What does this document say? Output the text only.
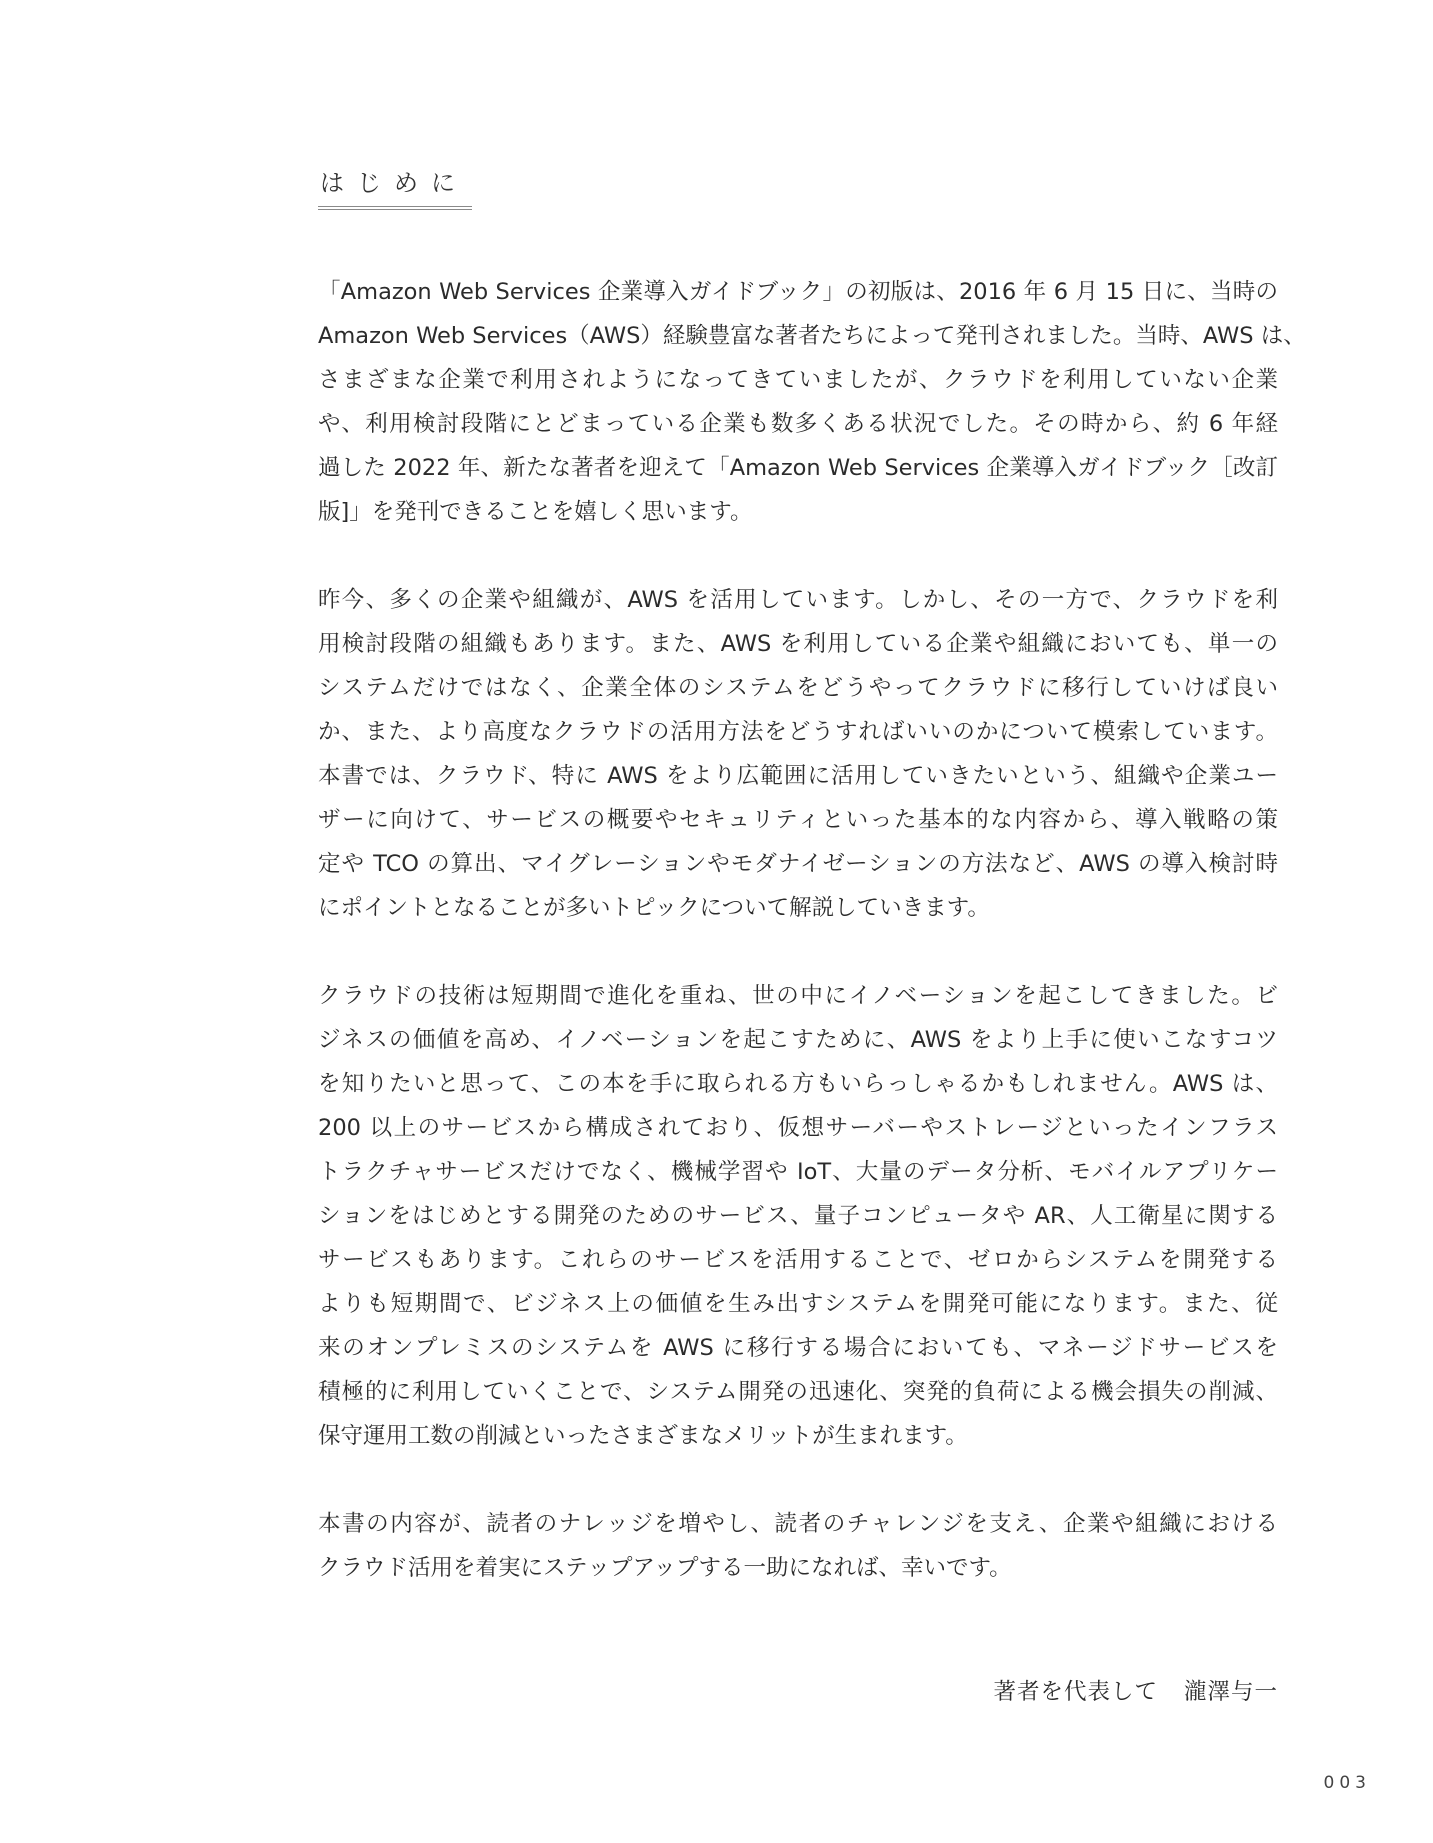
はじめに
「Amazon Web Services 企業導入ガイドブック」の初版は、2016 年 6 月 15 日に、当時の
Amazon Web Services（AWS）経験豊富な著者たちによって発刊されました。当時、AWS は、
さまざまな企業で利用されようになってきていましたが、クラウドを利用していない企業
や、利用検討段階にとどまっている企業も数多くある状況でした。その時から、約 6 年経
過した 2022 年、新たな著者を迎えて「Amazon Web Services 企業導入ガイドブック［改訂
版]」を発刊できることを嬉しく思います。
昨今、多くの企業や組織が、AWS を活用しています。しかし、その一方で、クラウドを利
用検討段階の組織もあります。また、AWS を利用している企業や組織においても、単一の
システムだけではなく、企業全体のシステムをどうやってクラウドに移行していけば良い
か、また、より高度なクラウドの活用方法をどうすればいいのかについて模索しています。
本書では、クラウド、特に AWS をより広範囲に活用していきたいという、組織や企業ユー
ザーに向けて、サービスの概要やセキュリティといった基本的な内容から、導入戦略の策
定や TCO の算出、マイグレーションやモダナイゼーションの方法など、AWS の導入検討時
にポイントとなることが多いトピックについて解説していきます。
クラウドの技術は短期間で進化を重ね、世の中にイノベーションを起こしてきました。ビ
ジネスの価値を高め、イノベーションを起こすために、AWS をより上手に使いこなすコツ
を知りたいと思って、この本を手に取られる方もいらっしゃるかもしれません。AWS は、
200 以上のサービスから構成されており、仮想サーバーやストレージといったインフラス
トラクチャサービスだけでなく、機械学習や IoT、大量のデータ分析、モバイルアプリケー
ションをはじめとする開発のためのサービス、量子コンピュータや AR、人工衛星に関する
サービスもあります。これらのサービスを活用することで、ゼロからシステムを開発する
よりも短期間で、ビジネス上の価値を生み出すシステムを開発可能になります。また、従
来のオンプレミスのシステムを AWS に移行する場合においても、マネージドサービスを
積極的に利用していくことで、システム開発の迅速化、突発的負荷による機会損失の削減、
保守運用工数の削減といったさまざまなメリットが生まれます。
本書の内容が、読者のナレッジを増やし、読者のチャレンジを支え、企業や組織における
クラウド活用を着実にステップアップする一助になれば、幸いです。
著者を代表して 瀧澤与一
003
